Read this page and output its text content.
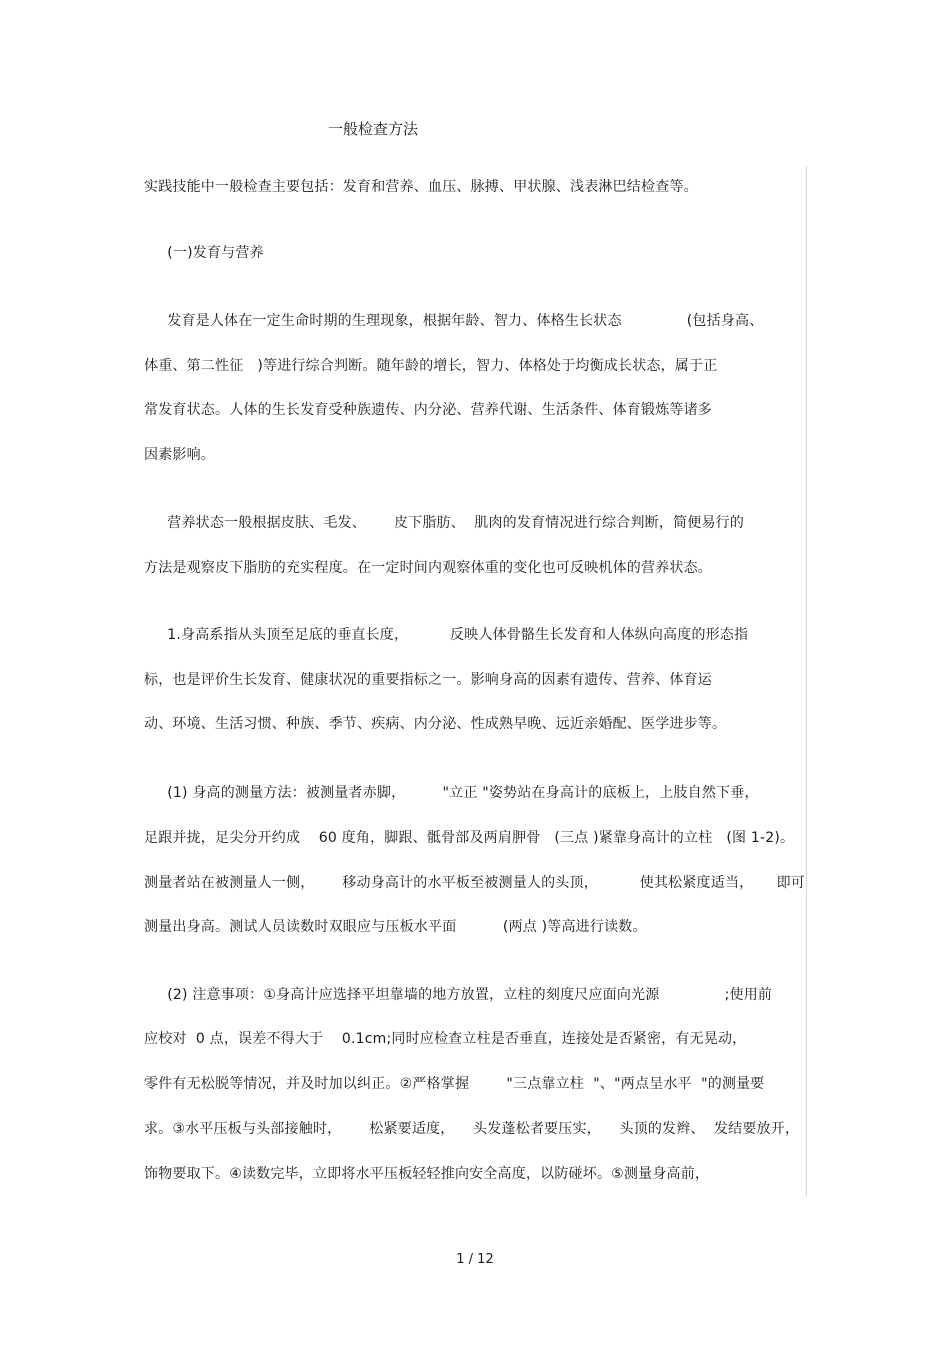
一般检查方法
实践技能中一般检查主要包括：发育和营养、血压、脉搏、甲状腺、浅表淋巴结检查等。
(一)发育与营养
发育是人体在一定生命时期的生理现象，根据年龄、智力、体格生长状态              (包括身高、
体重、第二性征   )等进行综合判断。随年龄的增长，智力、体格处于均衡成长状态，属于正
常发育状态。人体的生长发育受种族遗传、内分泌、营养代谢、生活条件、体育锻炼等诸多
因素影响。
营养状态一般根据皮肤、毛发、      皮下脂肪、  肌肉的发育情况进行综合判断，简便易行的
方法是观察皮下脂肪的充实程度。在一定时间内观察体重的变化也可反映机体的营养状态。
1.身高系指从头顶至足底的垂直长度，         反映人体骨骼生长发育和人体纵向高度的形态指
标，也是评价生长发育、健康状况的重要指标之一。影响身高的因素有遗传、营养、体育运
动、环境、生活习惯、种族、季节、疾病、内分泌、性成熟早晚、远近亲婚配、医学进步等。
(1) 身高的测量方法：被测量者赤脚，        "立正 "姿势站在身高计的底板上，上肢自然下垂，
足跟并拢，足尖分开约成    60 度角，脚跟、骶骨部及两肩胛骨   (三点 )紧靠身高计的立柱   (图 1-2)。
测量者站在被测量人一侧，      移动身高计的水平板至被测量人的头顶，         使其松紧度适当，     即可
测量出身高。测试人员读数时双眼应与压板水平面          (两点 )等高进行读数。
(2) 注意事项：①身高计应选择平坦靠墙的地方放置，立柱的刻度尺应面向光源              ;使用前
应校对  0 点，误差不得大于    0.1cm;同时应检查立柱是否垂直，连接处是否紧密，有无晃动，
零件有无松脱等情况，并及时加以纠正。②严格掌握        "三点靠立柱  "、"两点呈水平  "的测量要
求。③水平压板与头部接触时，      松紧要适度，    头发蓬松者要压实，    头顶的发辫、  发结要放开，
饰物要取下。④读数完毕，立即将水平压板轻轻推向安全高度，以防碰坏。⑤测量身高前，
1 / 12
